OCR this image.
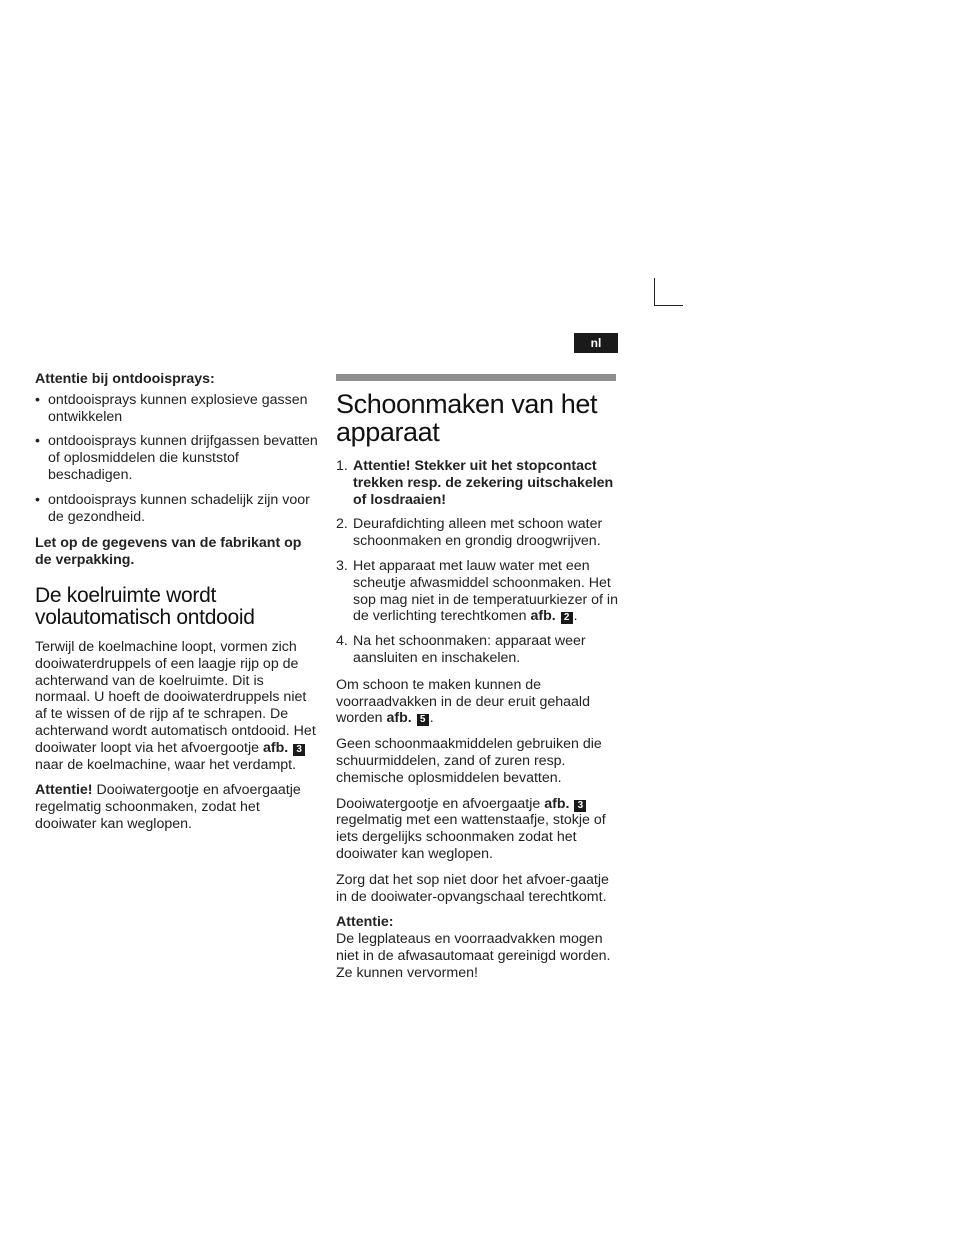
nl

Attentie bij ontdooisprays:

• ontdooisprays kunnen explosieve gassen ontwikkelen
• ontdooisprays kunnen drijfgassen bevatten of oplosmiddelen die kunststof beschadigen.
• ontdooisprays kunnen schadelijk zijn voor de gezondheid.

Let op de gegevens van de fabrikant op de verpakking.

De koelruimte wordt volautomatisch ontdooid

Terwijl de koelmachine loopt, vormen zich dooiwaterdruppels of een laagje rijp op de achterwand van de koelruimte. Dit is normaal. U hoeft de dooiwaterdruppels niet af te wissen of de rijp af te schrapen. De achterwand wordt automatisch ontdooid. Het dooiwater loopt via het afvoergootje afb. 3 naar de koelmachine, waar het verdampt.

Attentie! Dooiwatergootje en afvoergaatje regelmatig schoonmaken, zodat het dooiwater kan weglopen.

Schoonmaken van het apparaat
1. Attentie! Stekker uit het stopcontact trekken resp. de zekering uitschakelen of losdraaien!
2. Deurafdichting alleen met schoon water schoonmaken en grondig droogwrijven.
3. Het apparaat met lauw water met een scheutje afwasmiddel schoonmaken. Het sop mag niet in de temperatuurkiezer of in de verlichting terechtkomen afb. 2 .
4. Na het schoonmaken: apparaat weer aansluiten en inschakelen.

Om schoon te maken kunnen de voorraadvakken in de deur eruit gehaald worden afb. 5 .

Geen schoonmaakmiddelen gebruiken die schuurmiddelen, zand of zuren resp. chemische oplosmiddelen bevatten.

Dooiwatergootje en afvoergaatje afb. 3 regelmatig met een wattenstaafje, stokje of iets dergelijks schoonmaken zodat het dooiwater kan weglopen.

Zorg dat het sop niet door het afvoer-gaatje in de dooiwater-opvangschaal terechtkomt.

Attentie:
De legplateaus en voorraadvakken mogen niet in de afwasautomaat gereinigd worden. Ze kunnen vervormen!
